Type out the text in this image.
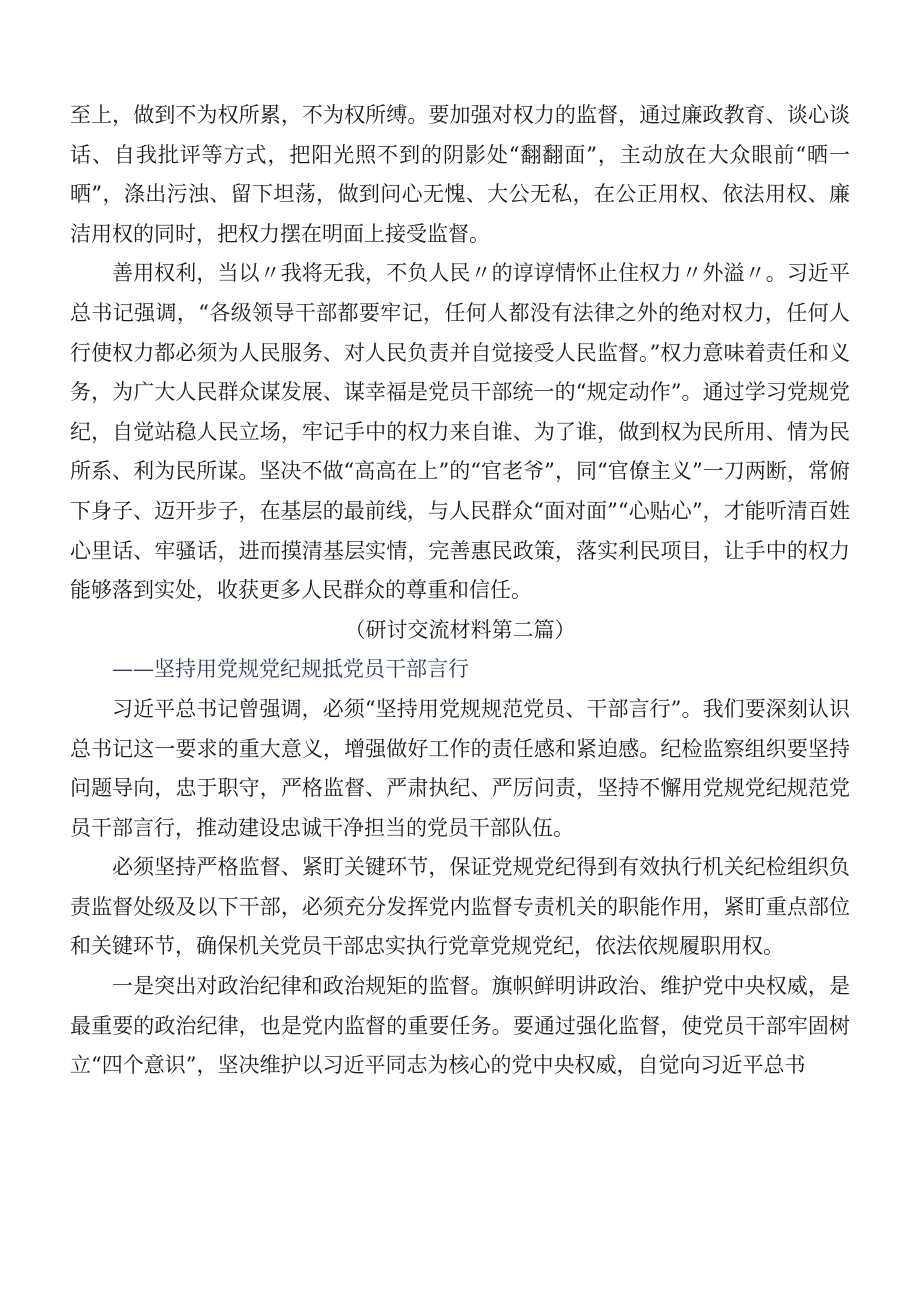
至上，做到不为权所累，不为权所缚。要加强对权力的监督，通过廉政教育、谈心谈话、自我批评等方式，把阳光照不到的阴影处“翻翻面”，主动放在大众眼前“晒一晒”，涤出污浊、留下坦荡，做到问心无愧、大公无私，在公正用权、依法用权、廉洁用权的同时，把权力摆在明面上接受监督。

善用权利，当以〃我将无我，不负人民〃的谆谆情怀止住权力〃外溢〃。习近平总书记强调，“各级领导干部都要牢记，任何人都没有法律之外的绝对权力，任何人行使权力都必须为人民服务、对人民负责并自觉接受人民监督。”权力意味着责任和义务，为广大人民群众谋发展、谋幸福是党员干部统一的“规定动作”。通过学习党规党纪，自觉站稳人民立场，牢记手中的权力来自谁、为了谁，做到权为民所用、情为民所系、利为民所谋。坚决不做“高高在上”的“官老爷”，同“官僚主义”一刀两断，常俯下身子、迈开步子，在基层的最前线，与人民群众“面对面”“心贴心”，才能听清百姓心里话、牢骚话，进而摸清基层实情，完善惠民政策，落实利民项目，让手中的权力能够落到实处，收获更多人民群众的尊重和信任。

（研讨交流材料第二篇）

——坚持用党规党纪规抵党员干部言行

习近平总书记曾强调，必须“坚持用党规规范党员、干部言行”。我们要深刻认识总书记这一要求的重大意义，增强做好工作的责任感和紧迫感。纪检监察组织要坚持问题导向，忠于职守，严格监督、严肃执纪、严厉问责，坚持不懈用党规党纪规范党员干部言行，推动建设忠诚干净担当的党员干部队伍。

必须坚持严格监督、紧盯关键环节，保证党规党纪得到有效执行机关纪检组织负责监督处级及以下干部，必须充分发挥党内监督专责机关的职能作用，紧盯重点部位和关键环节，确保机关党员干部忠实执行党章党规党纪，依法依规履职用权。

一是突出对政治纪律和政治规矩的监督。旗帜鲜明讲政治、维护党中央权威，是最重要的政治纪律，也是党内监督的重要任务。要通过强化监督，使党员干部牢固树立“四个意识”，坚决维护以习近平同志为核心的党中央权威，自觉向习近平总书
